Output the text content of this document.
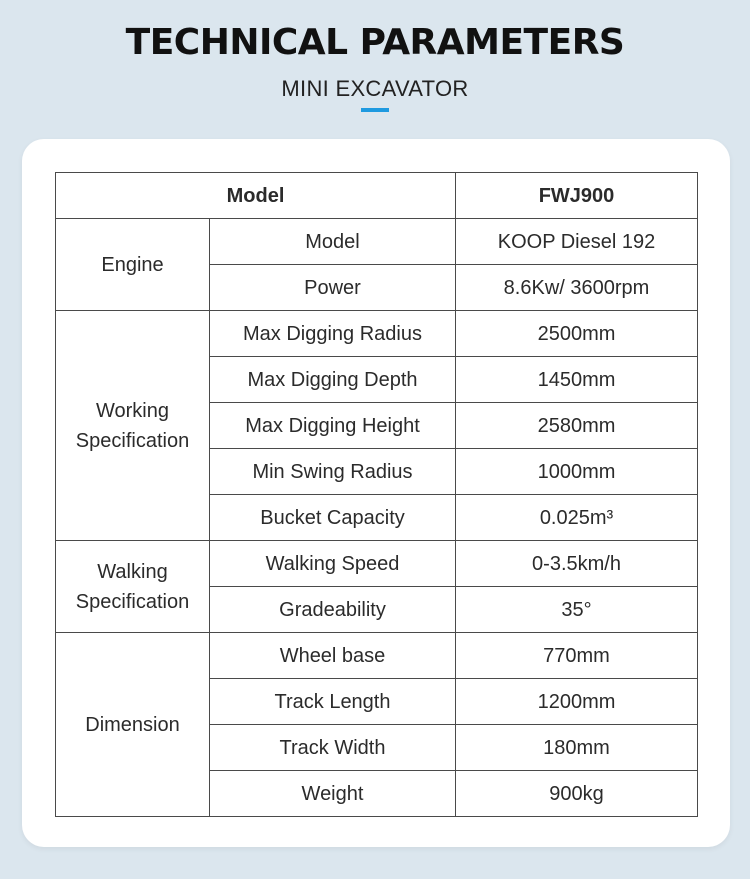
TECHNICAL PARAMETERS
MINI EXCAVATOR
Model		FWJ900
Engine	Model	KOOP Diesel 192
	Power	8.6Kw/ 3600rpm
Working
Specification	Max Digging Radius	2500mm
	Max Digging Depth	1450mm
	Max Digging Height	2580mm
	Min Swing Radius	1000mm
	Bucket Capacity	0.025m³
Walking
Specification	Walking Speed	0-3.5km/h
	Gradeability	35°
Dimension	Wheel base	770mm
	Track Length	1200mm
	Track Width	180mm
	Weight	900kg
